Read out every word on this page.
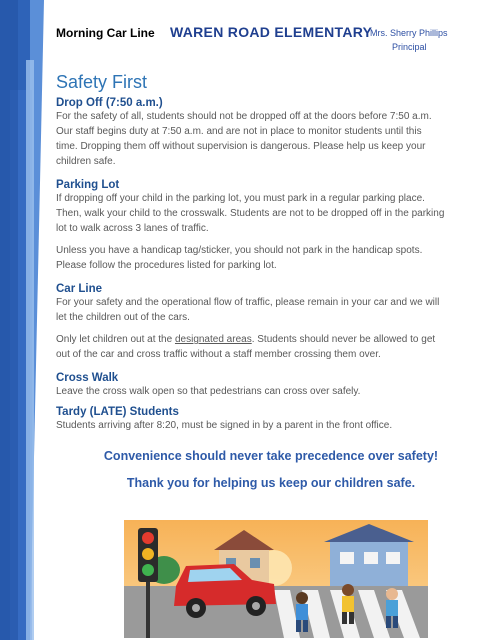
Morning Car Line WAREN ROAD ELEMENTARY
Mrs. Sherry Phillips
Principal
Safety First

Drop Off (7:50 a.m.)

For the safety of all, students should not be dropped off at the doors before 7:50 a.m.

Our staff begins duty at 7:50 a.m. and are not in place to monitor students until this

time. Dropping them off without supervision is dangerous. Please help us keep your

children safe.

Parking Lot

If dropping off your child in the parking lot, you must park in a regular parking place.

Then, walk your child to the crosswalk. Students are not to be dropped off in the parking

lot to walk across 3 lanes of traffic.

Unless you have a handicap tag/sticker, you should not park in the handicap spots.

Please follow the procedures listed for parking lot.

Car Line

For your safety and the operational flow of traffic, please remain in your car and we will

let the children out of the cars.

Only let children out at the designated areas. Students should never be allowed to get

out of the car and cross traffic without a staff member crossing them over.

Cross Walk

Leave the cross walk open so that pedestrians can cross over safely.

Tardy (LATE) Students

Students arriving after 8:20, must be signed in by a parent in the front office.

Convenience should never take precedence over safety!

Thank you for helping us keep our children safe.
